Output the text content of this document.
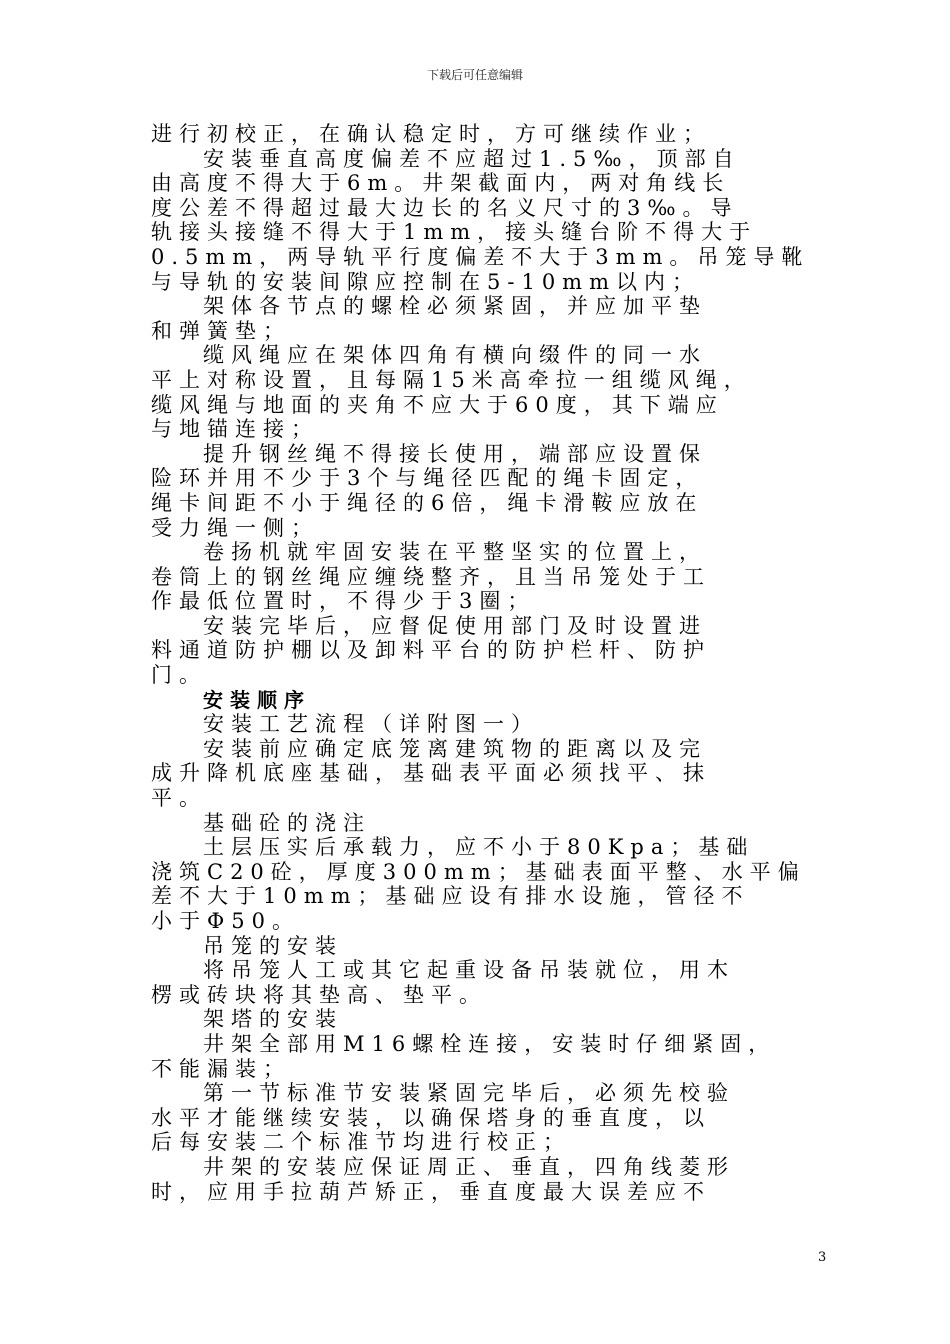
下载后可任意编辑
进行初校正，在确认稳定时，方可继续作业；
安装垂直高度偏差不应超过1.5‰，顶部自
由高度不得大于6m。井架截面内，两对角线长
度公差不得超过最大边长的名义尺寸的3‰。导
轨接头接缝不得大于1mm，接头缝台阶不得大于
0.5mm，两导轨平行度偏差不大于3mm。吊笼导靴
与导轨的安装间隙应控制在5-10mm以内；
架体各节点的螺栓必须紧固，并应加平垫
和弹簧垫；
缆风绳应在架体四角有横向缀件的同一水
平上对称设置，且每隔15米高牵拉一组缆风绳，
缆风绳与地面的夹角不应大于60度，其下端应
与地锚连接；
提升钢丝绳不得接长使用，端部应设置保
险环并用不少于3个与绳径匹配的绳卡固定，
绳卡间距不小于绳径的6倍，绳卡滑鞍应放在
受力绳一侧；
卷扬机就牢固安装在平整坚实的位置上，
卷筒上的钢丝绳应缠绕整齐，且当吊笼处于工
作最低位置时，不得少于3圈；
安装完毕后，应督促使用部门及时设置进
料通道防护棚以及卸料平台的防护栏杆、防护
门。
安装顺序
安装工艺流程（详附图一）
安装前应确定底笼离建筑物的距离以及完
成升降机底座基础，基础表平面必须找平、抹
平。
基础砼的浇注
土层压实后承载力，应不小于80Kpa；基础
浇筑C20砼，厚度300mm；基础表面平整、水平偏
差不大于10mm；基础应设有排水设施，管径不
小于Φ50。
吊笼的安装
将吊笼人工或其它起重设备吊装就位，用木
楞或砖块将其垫高、垫平。
架塔的安装
井架全部用M16螺栓连接，安装时仔细紧固，
不能漏装；
第一节标准节安装紧固完毕后，必须先校验
水平才能继续安装，以确保塔身的垂直度，以
后每安装二个标准节均进行校正；
井架的安装应保证周正、垂直，四角线菱形
时，应用手拉葫芦矫正，垂直度最大误差应不
3
